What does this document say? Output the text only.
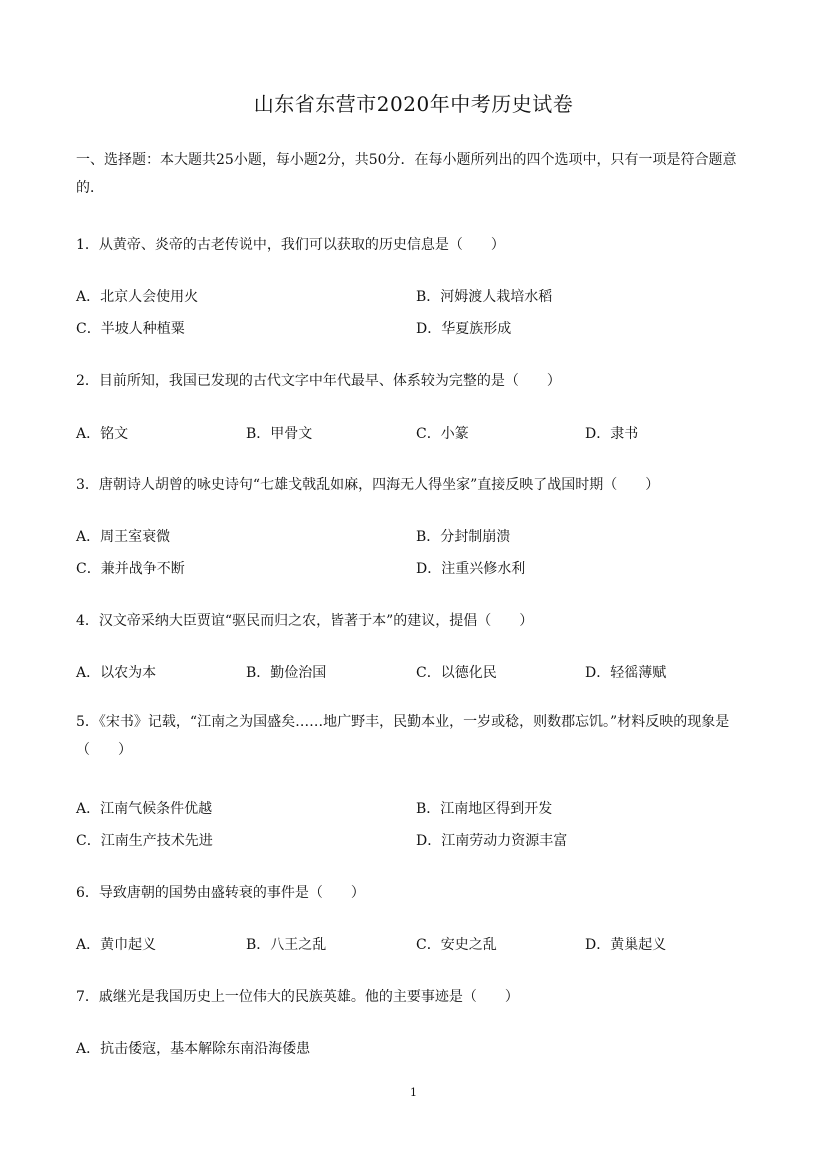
山东省东营市2020年中考历史试卷
一、选择题：本大题共25小题，每小题2分，共50分．在每小题所列出的四个选项中，只有一项是符合题意的．
1．从黄帝、炎帝的古老传说中，我们可以获取的历史信息是（　　）
A．北京人会使用火	B．河姆渡人栽培水稻
C．半坡人种植粟	D．华夏族形成
2．目前所知，我国已发现的古代文字中年代最早、体系较为完整的是（　　）
A．铭文	B．甲骨文	C．小篆	D．隶书
3．唐朝诗人胡曾的咏史诗句“七雄戈戟乱如麻，四海无人得坐家”直接反映了战国时期（　　）
A．周王室衰微	B．分封制崩溃
C．兼并战争不断	D．注重兴修水利
4．汉文帝采纳大臣贾谊“驱民而归之农，皆著于本”的建议，提倡（　　）
A．以农为本	B．勤俭治国	C．以德化民	D．轻徭薄赋
5．《宋书》记载，“江南之为国盛矣……地广野丰，民勤本业，一岁或稔，则数郡忘饥。”材料反映的现象是（　　）
A．江南气候条件优越	B．江南地区得到开发
C．江南生产技术先进	D．江南劳动力资源丰富
6．导致唐朝的国势由盛转衰的事件是（　　）
A．黄巾起义	B．八王之乱	C．安史之乱	D．黄巢起义
7．戚继光是我国历史上一位伟大的民族英雄。他的主要事迹是（　　）
A．抗击倭寇，基本解除东南沿海倭患
1
